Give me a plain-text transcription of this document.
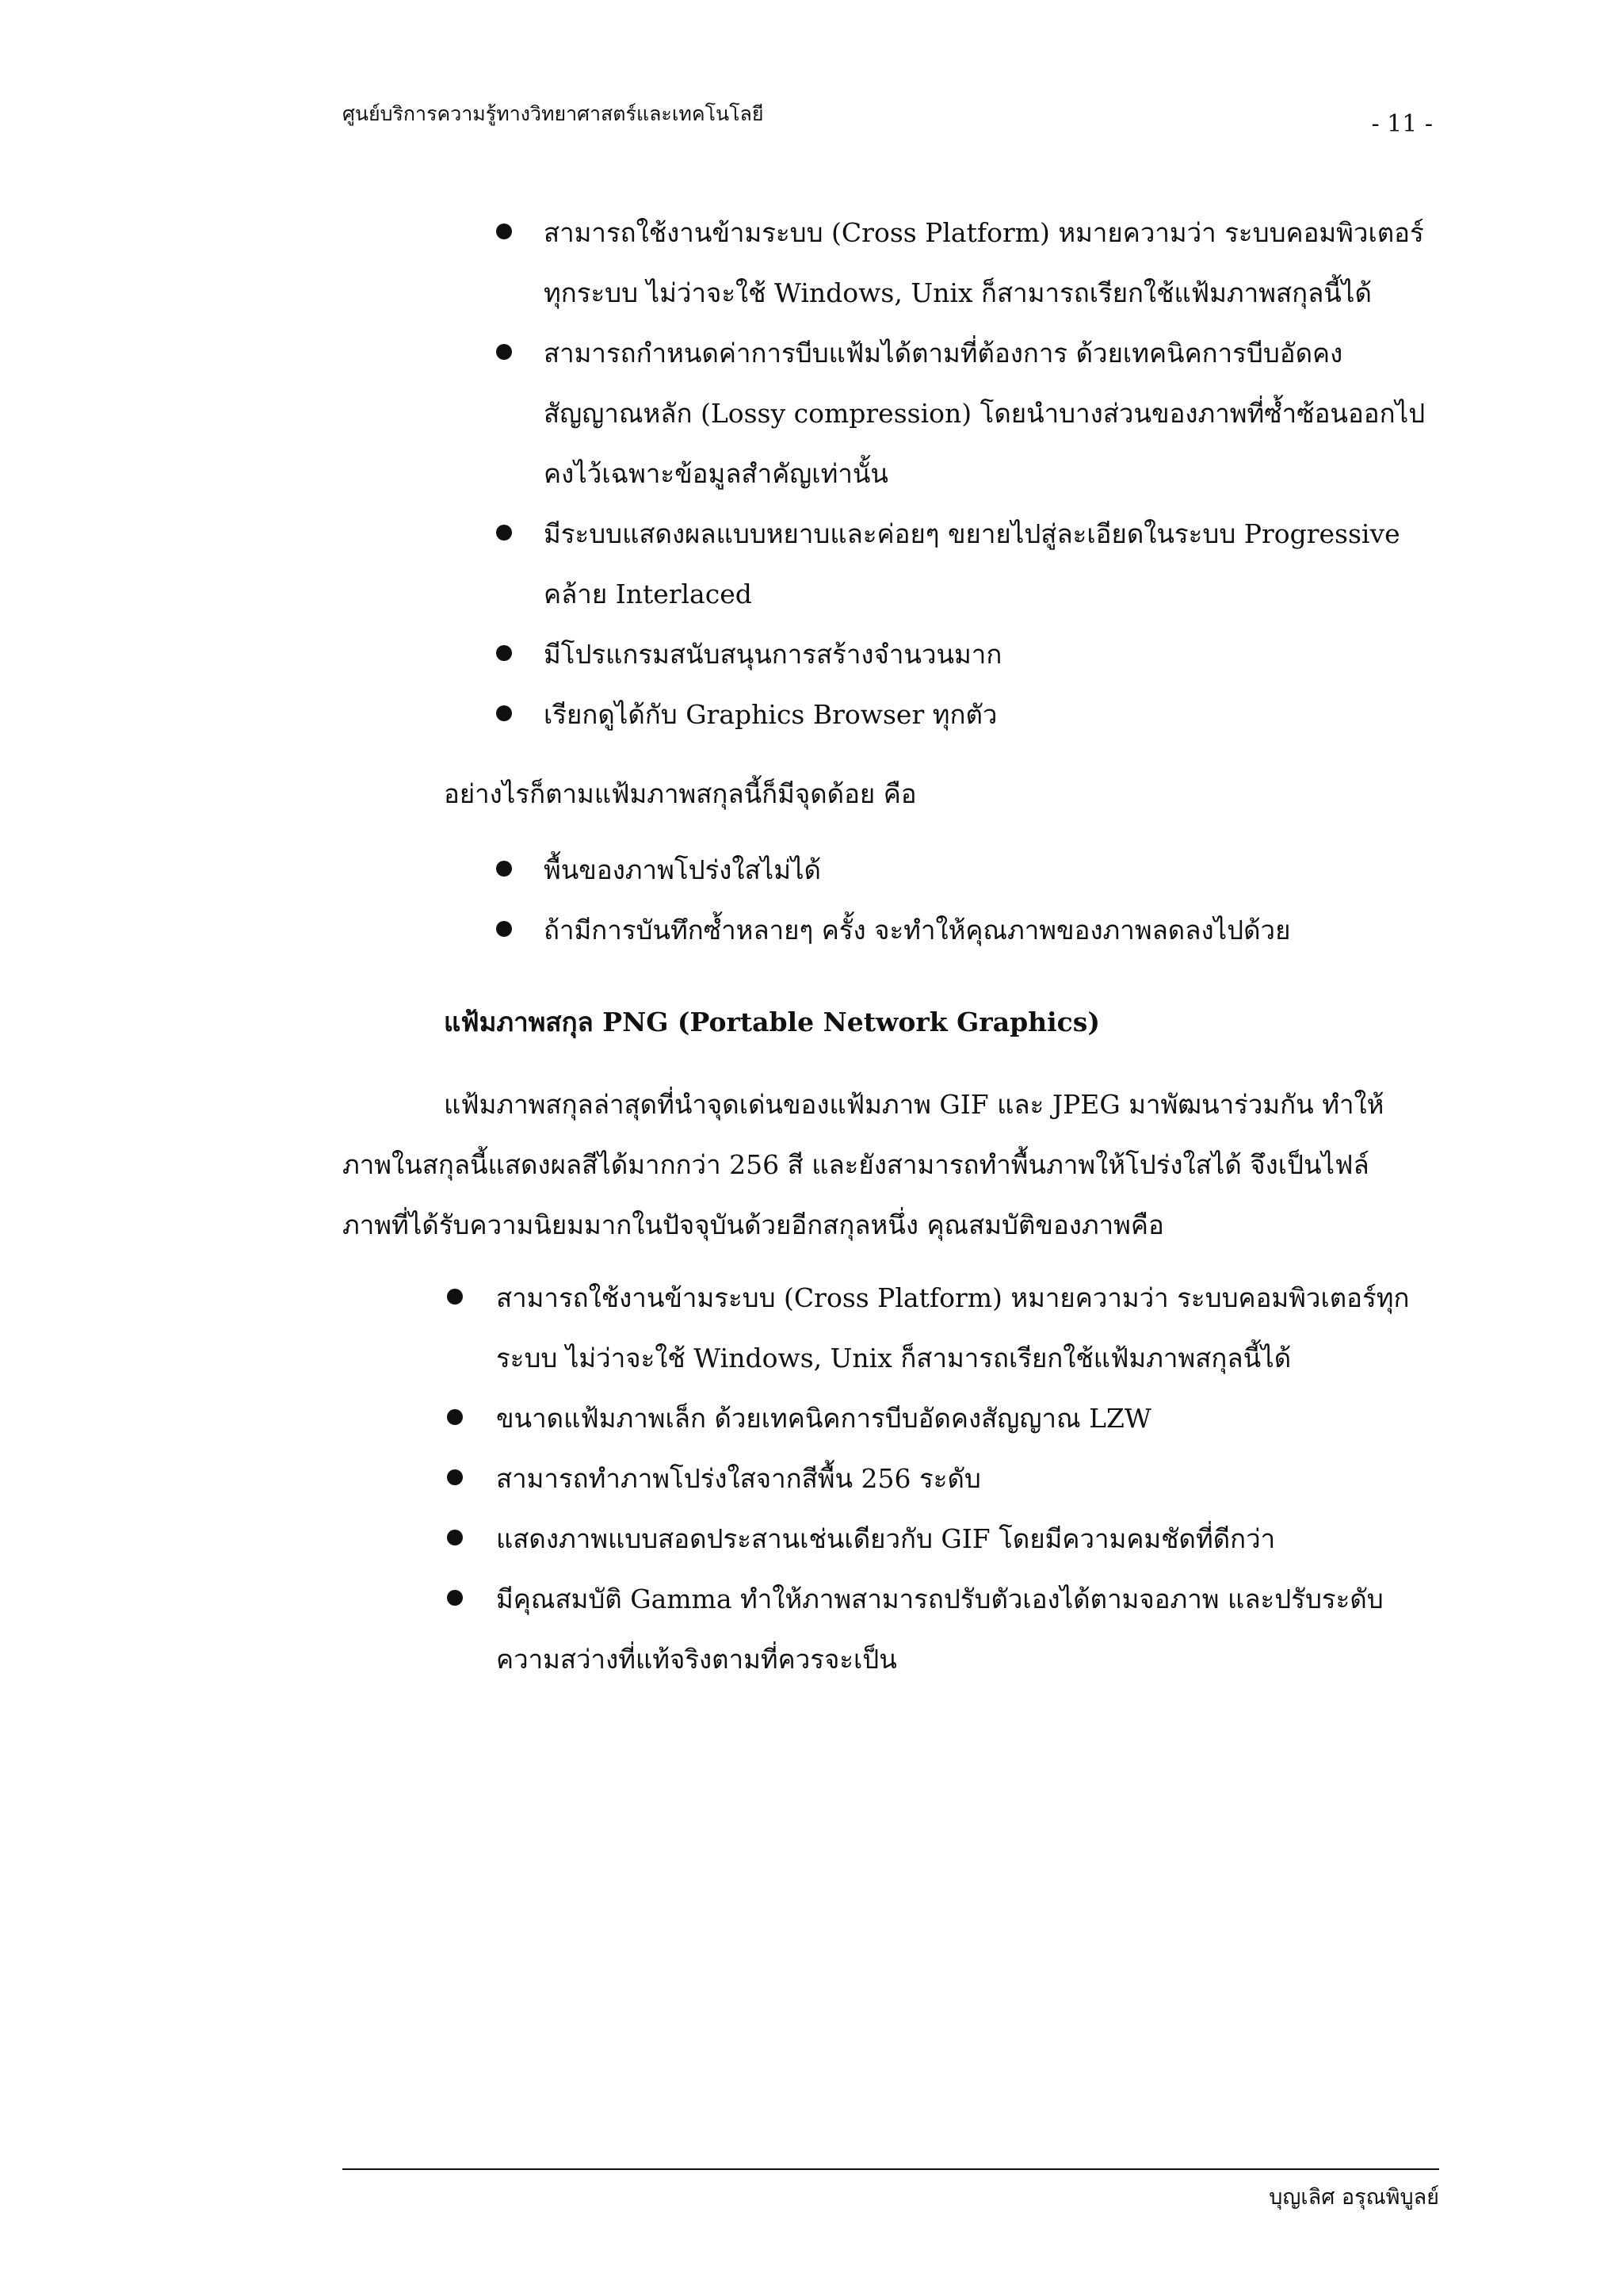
ศูนย์บริการความรู้ทางวิทยาศาสตร์และเทคโนโลยี	- 11 -
สามารถใช้งานข้ามระบบ (Cross Platform) หมายความว่า ระบบคอมพิวเตอร์
ทุกระบบ ไม่ว่าจะใช้ Windows, Unix ก็สามารถเรียกใช้แฟ้มภาพสกุลนี้ได้
สามารถกำหนดค่าการบีบแฟ้มได้ตามที่ต้องการ ด้วยเทคนิคการบีบอัดคง
สัญญาณหลัก (Lossy compression) โดยนำบางส่วนของภาพที่ซ้ำซ้อนออกไป
คงไว้เฉพาะข้อมูลสำคัญเท่านั้น
มีระบบแสดงผลแบบหยาบและค่อยๆ ขยายไปสู่ละเอียดในระบบ Progressive
คล้าย Interlaced
มีโปรแกรมสนับสนุนการสร้างจำนวนมาก
เรียกดูได้กับ Graphics Browser ทุกตัว

อย่างไรก็ตามแฟ้มภาพสกุลนี้ก็มีจุดด้อย คือ

พื้นของภาพโปร่งใสไม่ได้
ถ้ามีการบันทึกซ้ำหลายๆ ครั้ง จะทำให้คุณภาพของภาพลดลงไปด้วย
แฟ้มภาพสกุล PNG (Portable Network Graphics)

แฟ้มภาพสกุลล่าสุดที่นำจุดเด่นของแฟ้มภาพ GIF และ JPEG มาพัฒนาร่วมกัน ทำให้
ภาพในสกุลนี้แสดงผลสีได้มากกว่า 256 สี และยังสามารถทำพื้นภาพให้โปร่งใสได้ จึงเป็นไฟล์
ภาพที่ได้รับความนิยมมากในปัจจุบันด้วยอีกสกุลหนึ่ง คุณสมบัติของภาพคือ

สามารถใช้งานข้ามระบบ (Cross Platform) หมายความว่า ระบบคอมพิวเตอร์ทุก
ระบบ ไม่ว่าจะใช้ Windows, Unix ก็สามารถเรียกใช้แฟ้มภาพสกุลนี้ได้
ขนาดแฟ้มภาพเล็ก ด้วยเทคนิคการบีบอัดคงสัญญาณ LZW
สามารถทำภาพโปร่งใสจากสีพื้น 256 ระดับ
แสดงภาพแบบสอดประสานเช่นเดียวกับ GIF โดยมีความคมชัดที่ดีกว่า
มีคุณสมบัติ Gamma ทำให้ภาพสามารถปรับตัวเองได้ตามจอภาพ และปรับระดับ
ความสว่างที่แท้จริงตามที่ควรจะเป็น
บุญเลิศ อรุณพิบูลย์
